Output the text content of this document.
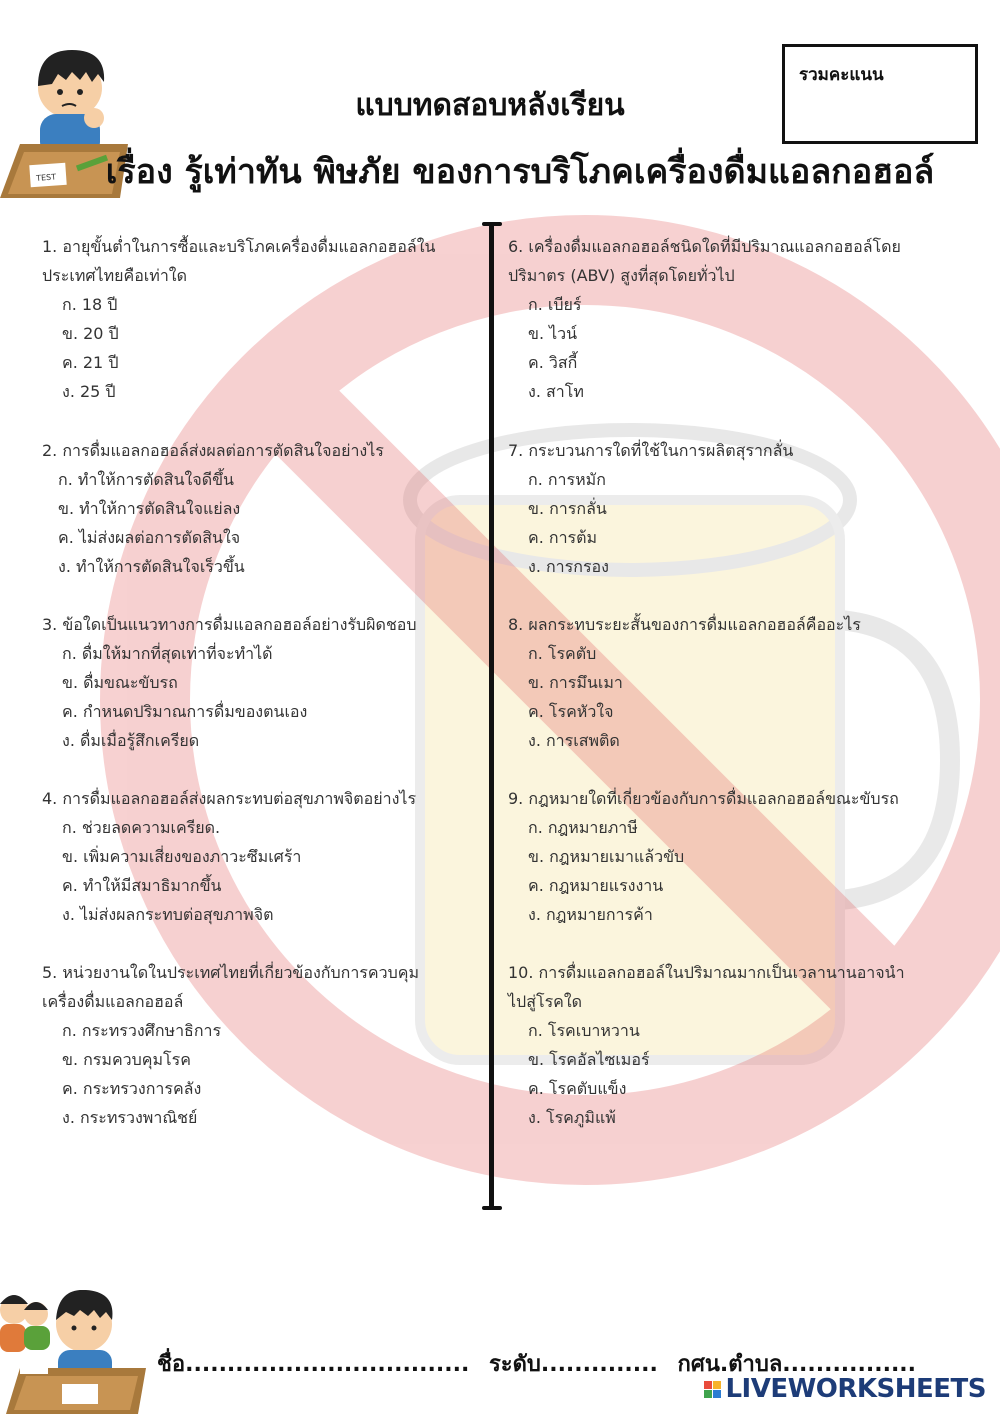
TEST
แบบทดสอบหลังเรียน
เรื่อง รู้เท่าทัน พิษภัย ของการบริโภคเครื่องดื่มแอลกอฮอล์
รวมคะแนน
1. อายุขั้นต่ำในการซื้อและบริโภคเครื่องดื่มแอลกอฮอล์ใน
ประเทศไทยคือเท่าใด
ก. 18 ปี
ข. 20 ปี
ค. 21 ปี
ง. 25 ปี
2. การดื่มแอลกอฮอล์ส่งผลต่อการตัดสินใจอย่างไร
ก. ทำให้การตัดสินใจดีขึ้น
ข. ทำให้การตัดสินใจแย่ลง
ค. ไม่ส่งผลต่อการตัดสินใจ
ง. ทำให้การตัดสินใจเร็วขึ้น
3. ข้อใดเป็นแนวทางการดื่มแอลกอฮอล์อย่างรับผิดชอบ
ก. ดื่มให้มากที่สุดเท่าที่จะทำได้
ข. ดื่มขณะขับรถ
ค. กำหนดปริมาณการดื่มของตนเอง
ง. ดื่มเมื่อรู้สึกเครียด
4. การดื่มแอลกอฮอล์ส่งผลกระทบต่อสุขภาพจิตอย่างไร
ก. ช่วยลดความเครียด.
ข. เพิ่มความเสี่ยงของภาวะซึมเศร้า
ค. ทำให้มีสมาธิมากขึ้น
ง. ไม่ส่งผลกระทบต่อสุขภาพจิต
5. หน่วยงานใดในประเทศไทยที่เกี่ยวข้องกับการควบคุม
เครื่องดื่มแอลกอฮอล์
ก. กระทรวงศึกษาธิการ
ข. กรมควบคุมโรค
ค. กระทรวงการคลัง
ง. กระทรวงพาณิชย์
6. เครื่องดื่มแอลกอฮอล์ชนิดใดที่มีปริมาณแอลกอฮอล์โดย
ปริมาตร (ABV) สูงที่สุดโดยทั่วไป
ก. เบียร์
ข. ไวน์
ค. วิสกี้
ง. สาโท
7. กระบวนการใดที่ใช้ในการผลิตสุรากลั่น
ก. การหมัก
ข. การกลั่น
ค. การต้ม
ง. การกรอง
8. ผลกระทบระยะสั้นของการดื่มแอลกอฮอล์คืออะไร
ก. โรคตับ
ข. การมึนเมา
ค. โรคหัวใจ
ง. การเสพติด
9. กฎหมายใดที่เกี่ยวข้องกับการดื่มแอลกอฮอล์ขณะขับรถ
ก. กฎหมายภาษี
ข. กฎหมายเมาแล้วขับ
ค. กฎหมายแรงงาน
ง. กฎหมายการค้า
10. การดื่มแอลกอฮอล์ในปริมาณมากเป็นเวลานานอาจนำ
ไปสู่โรคใด
ก. โรคเบาหวาน
ข. โรคอัลไซเมอร์
ค. โรคตับแข็ง
ง. โรคภูมิแพ้
ชื่อ.................................. ระดับ.............. กศน.ตำบล................
LIVEWORKSHEETS
